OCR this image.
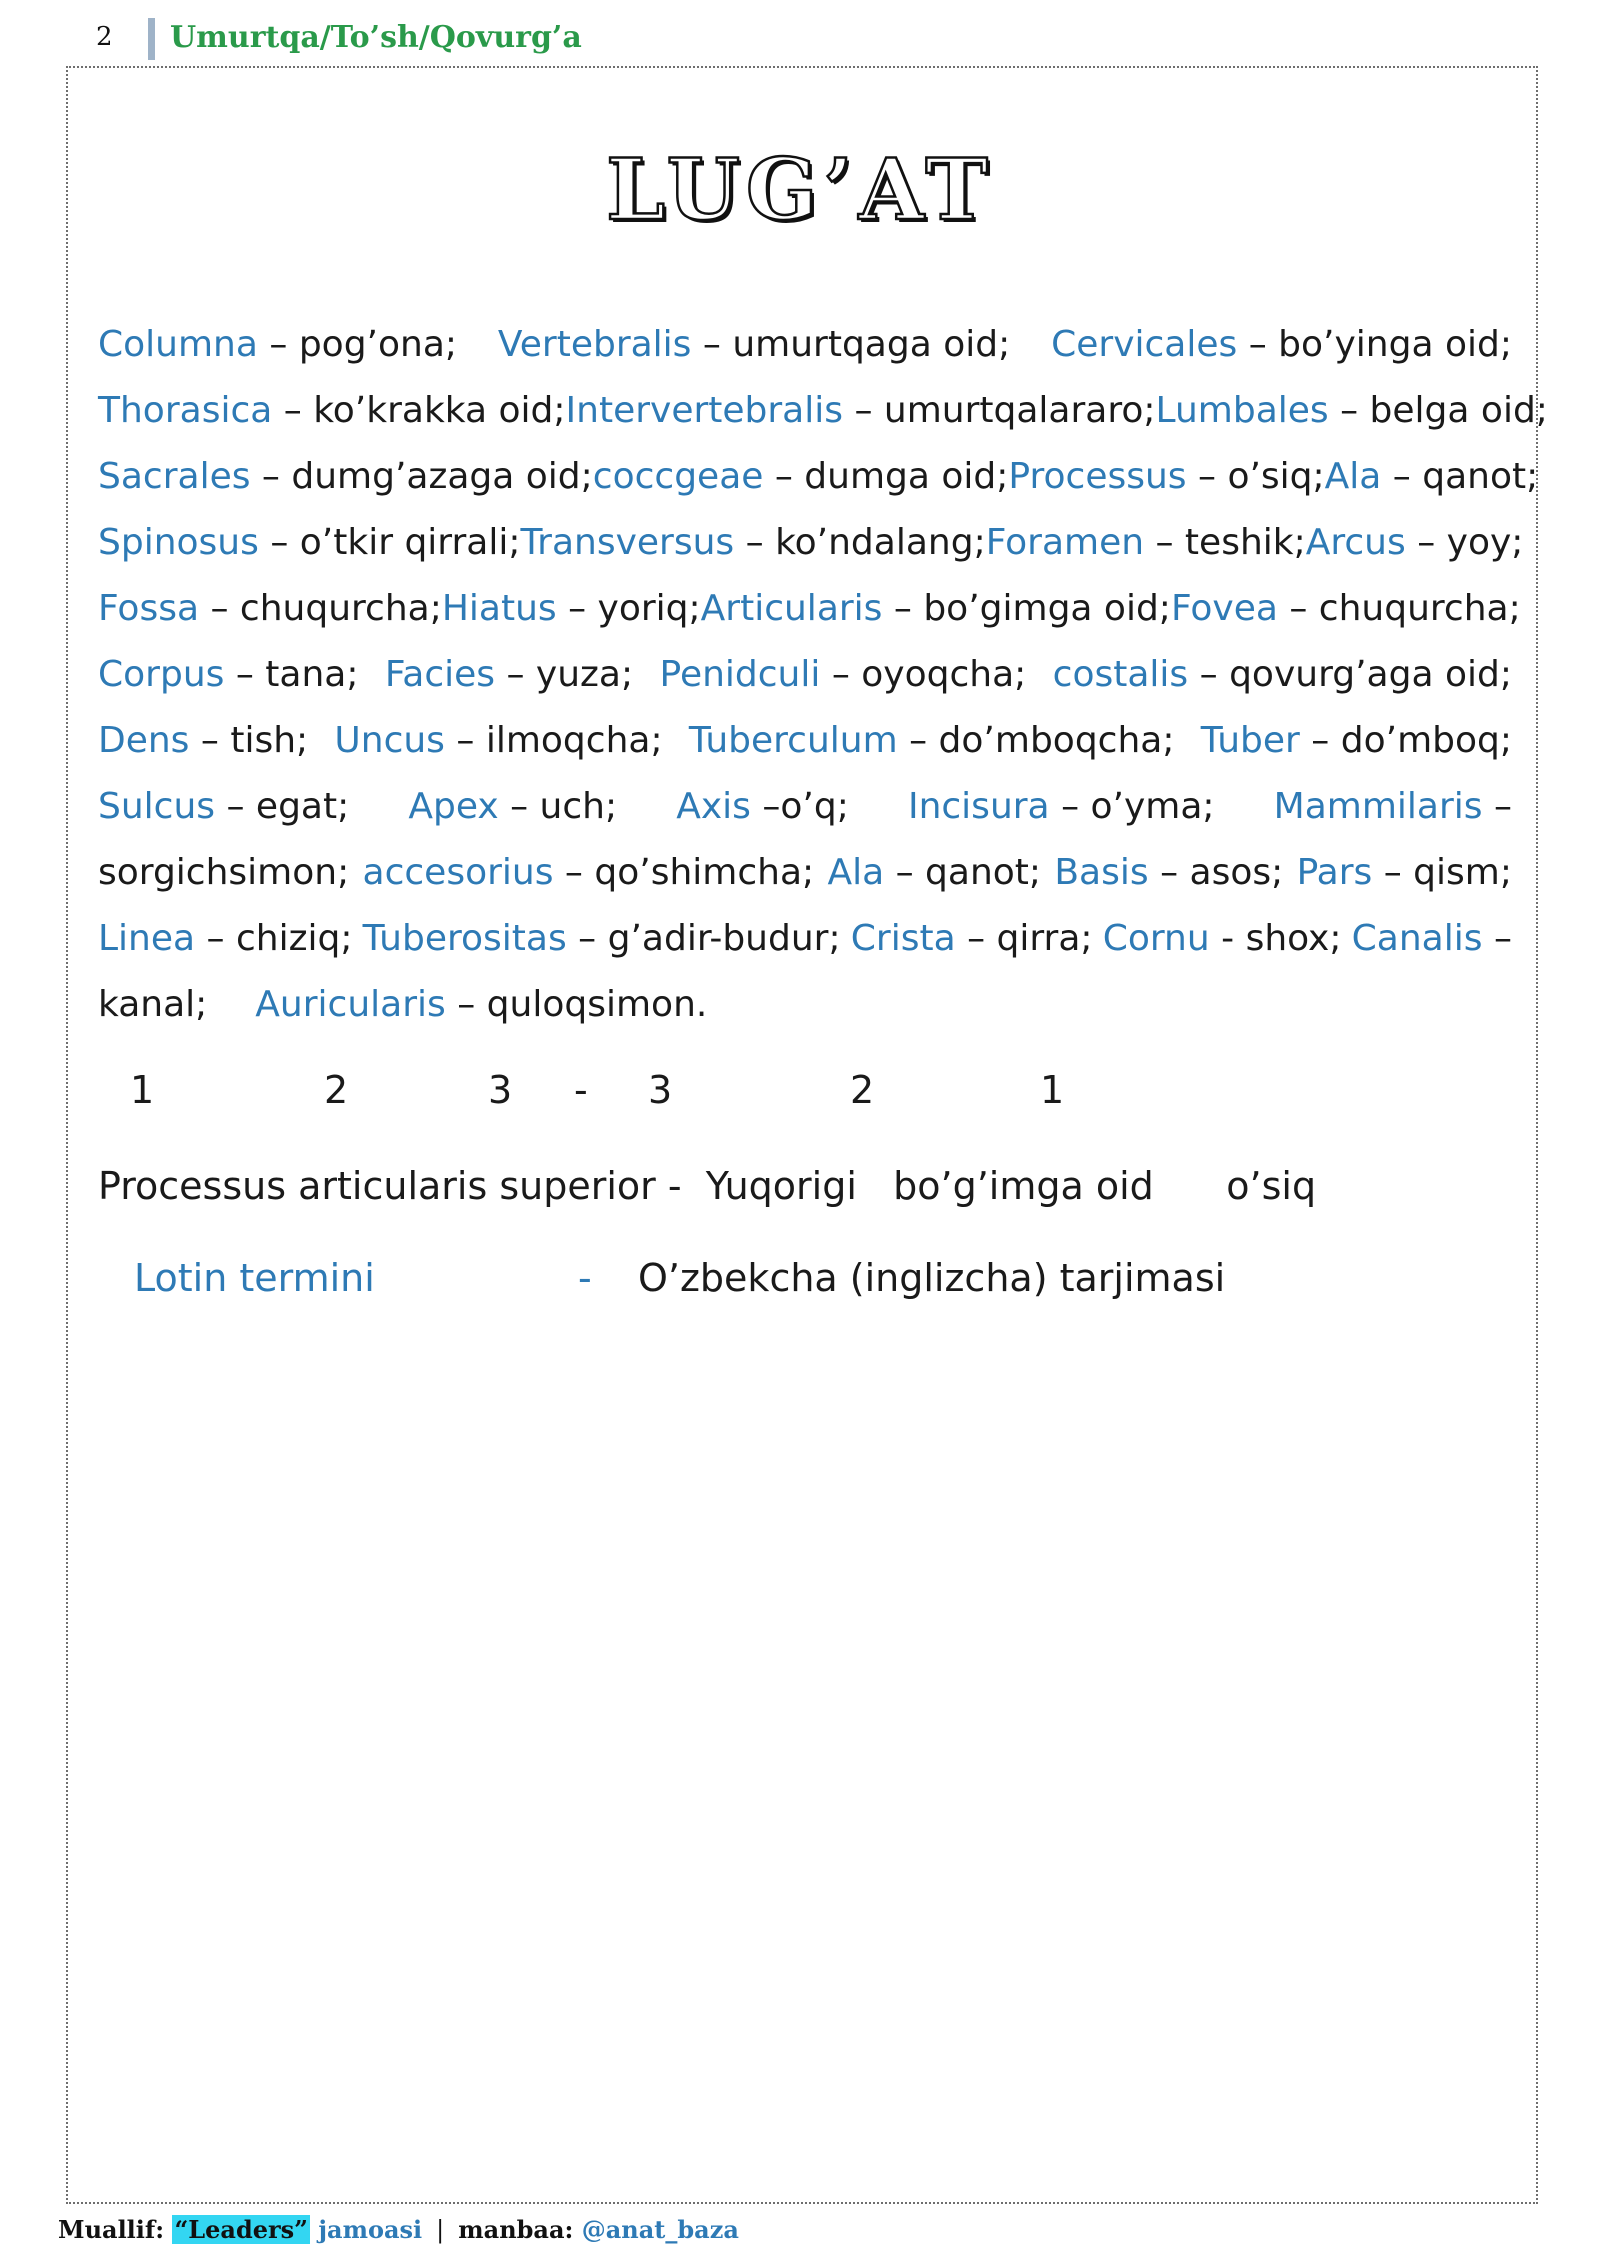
2 Umurtqa/To’sh/Qovurg’a
LUG’AT
Columna – pog’ona; Vertebralis – umurtqaga oid; Cervicales – bo’yinga oid;
Thorasica – ko’krakka oid; Intervertebralis – umurtqalararo; Lumbales – belga oid;
Sacrales – dumg’azaga oid; coccgeae – dumga oid; Processus – o’siq; Ala – qanot;
Spinosus – o’tkir qirrali; Transversus – ko’ndalang; Foramen – teshik; Arcus – yoy;
Fossa – chuqurcha; Hiatus – yoriq; Articularis – bo’gimga oid; Fovea – chuqurcha;
Corpus – tana; Facies – yuza; Penidculi – oyoqcha; costalis – qovurg’aga oid;
Dens – tish; Uncus – ilmoqcha; Tuberculum – do’mboqcha; Tuber – do’mboq;
Sulcus – egat; Apex – uch; Axis –o’q; Incisura – o’yma; Mammilaris –
sorgichsimon; accesorius – qo’shimcha; Ala – qanot; Basis – asos; Pars – qism;
Linea – chiziq; Tuberositas – g’adir-budur; Crista – qirra; Cornu - shox; Canalis –
kanal; Auricularis – quloqsimon.
1	2	3 - 3	2	1
Processus articularis superior -  Yuqorigi   bo’g’imga oid      o’siq
Lotin termini	- O’zbekcha (inglizcha) tarjimasi
Muallif: “Leaders” jamoasi | manbaa: @anat_baza
